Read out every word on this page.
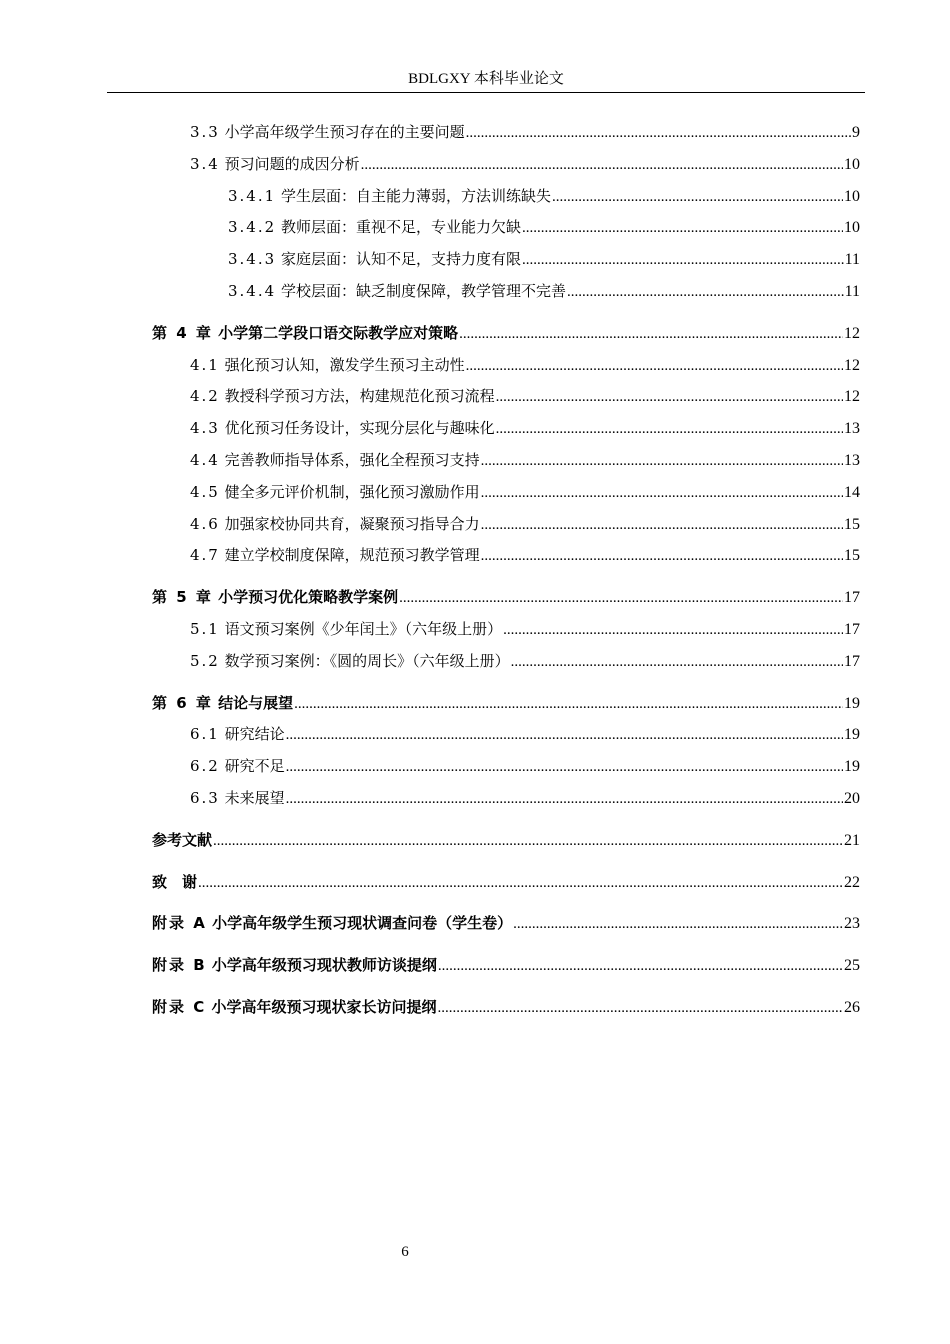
BDLGXY 本科毕业论文
3.3 小学高年级学生预习存在的主要问题 .....	9
3.4 预习问题的成因分析 .....	10
3.4.1 学生层面：自主能力薄弱，方法训练缺失 .....	10
3.4.2 教师层面：重视不足，专业能力欠缺 .....	10
3.4.3 家庭层面：认知不足，支持力度有限 .....	11
3.4.4 学校层面：缺乏制度保障，教学管理不完善 .....	11
第 4 章 小学第二学段口语交际教学应对策略 .....	12
4.1 强化预习认知，激发学生预习主动性 .....	12
4.2 教授科学预习方法，构建规范化预习流程 .....	12
4.3 优化预习任务设计，实现分层化与趣味化 .....	13
4.4 完善教师指导体系，强化全程预习支持 .....	13
4.5 健全多元评价机制，强化预习激励作用 .....	14
4.6 加强家校协同共育，凝聚预习指导合力 .....	15
4.7 建立学校制度保障，规范预习教学管理 .....	15
第 5 章 小学预习优化策略教学案例 .....	17
5.1 语文预习案例《少年闰土》（六年级上册） .....	17
5.2 数学预习案例：《圆的周长》（六年级上册） .....	17
第 6 章 结论与展望 .....	19
6.1 研究结论 .....	19
6.2 研究不足 .....	19
6.3 未来展望 .....	20
参考文献 .....	21
致　谢 .....	22
附录 A 小学高年级学生预习现状调查问卷（学生卷） .....	23
附录 B 小学高年级预习现状教师访谈提纲 .....	25
附录 C 小学高年级预习现状家长访问提纲 .....	26
6
